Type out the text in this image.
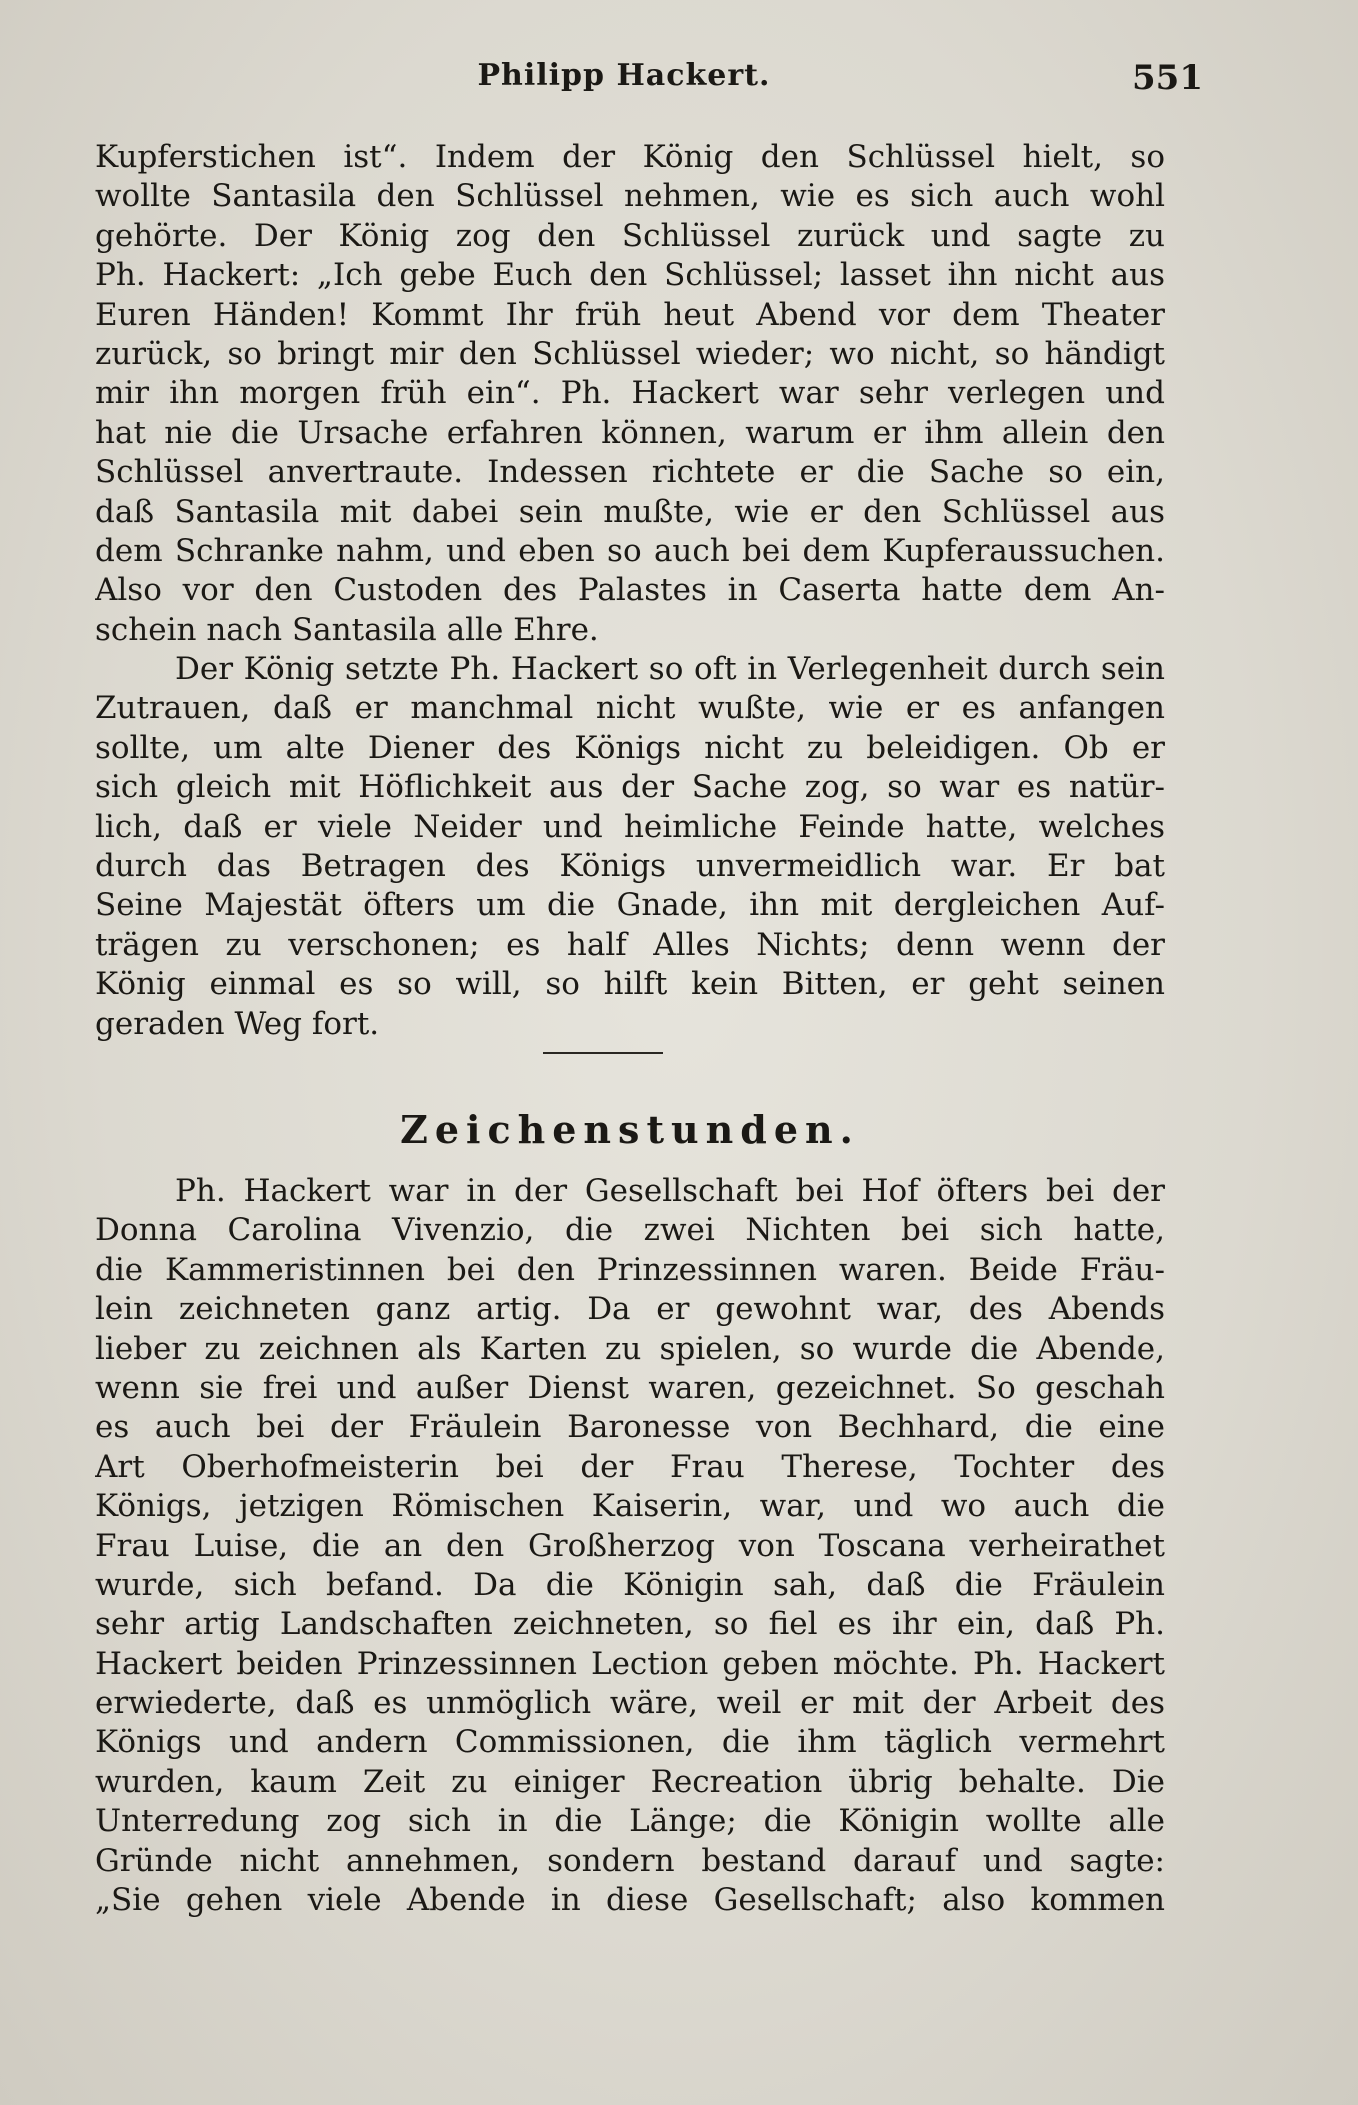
Philipp Hackert.	551
Kupferstichen ist“. Indem der König den Schlüssel hielt, so
wollte Santasila den Schlüssel nehmen, wie es sich auch wohl
gehörte. Der König zog den Schlüssel zurück und sagte zu
Ph. Hackert: „Ich gebe Euch den Schlüssel; lasset ihn nicht aus
Euren Händen! Kommt Ihr früh heut Abend vor dem Theater
zurück, so bringt mir den Schlüssel wieder; wo nicht, so händigt
mir ihn morgen früh ein“. Ph. Hackert war sehr verlegen und
hat nie die Ursache erfahren können, warum er ihm allein den
Schlüssel anvertraute. Indessen richtete er die Sache so ein,
daß Santasila mit dabei sein mußte, wie er den Schlüssel aus
dem Schranke nahm, und eben so auch bei dem Kupferaussuchen.
Also vor den Custoden des Palastes in Caserta hatte dem An-
schein nach Santasila alle Ehre.
Der König setzte Ph. Hackert so oft in Verlegenheit durch sein
Zutrauen, daß er manchmal nicht wußte, wie er es anfangen
sollte, um alte Diener des Königs nicht zu beleidigen. Ob er
sich gleich mit Höflichkeit aus der Sache zog, so war es natür-
lich, daß er viele Neider und heimliche Feinde hatte, welches
durch das Betragen des Königs unvermeidlich war. Er bat
Seine Majestät öfters um die Gnade, ihn mit dergleichen Auf-
trägen zu verschonen; es half Alles Nichts; denn wenn der
König einmal es so will, so hilft kein Bitten, er geht seinen
geraden Weg fort.
Zeichenstunden.
Ph. Hackert war in der Gesellschaft bei Hof öfters bei der
Donna Carolina Vivenzio, die zwei Nichten bei sich hatte,
die Kammeristinnen bei den Prinzessinnen waren. Beide Fräu-
lein zeichneten ganz artig. Da er gewohnt war, des Abends
lieber zu zeichnen als Karten zu spielen, so wurde die Abende,
wenn sie frei und außer Dienst waren, gezeichnet. So geschah
es auch bei der Fräulein Baronesse von Bechhard, die eine
Art Oberhofmeisterin bei der Frau Therese, Tochter des
Königs, jetzigen Römischen Kaiserin, war, und wo auch die
Frau Luise, die an den Großherzog von Toscana verheirathet
wurde, sich befand. Da die Königin sah, daß die Fräulein
sehr artig Landschaften zeichneten, so fiel es ihr ein, daß Ph.
Hackert beiden Prinzessinnen Lection geben möchte. Ph. Hackert
erwiederte, daß es unmöglich wäre, weil er mit der Arbeit des
Königs und andern Commissionen, die ihm täglich vermehrt
wurden, kaum Zeit zu einiger Recreation übrig behalte. Die
Unterredung zog sich in die Länge; die Königin wollte alle
Gründe nicht annehmen, sondern bestand darauf und sagte:
„Sie gehen viele Abende in diese Gesellschaft; also kommen
